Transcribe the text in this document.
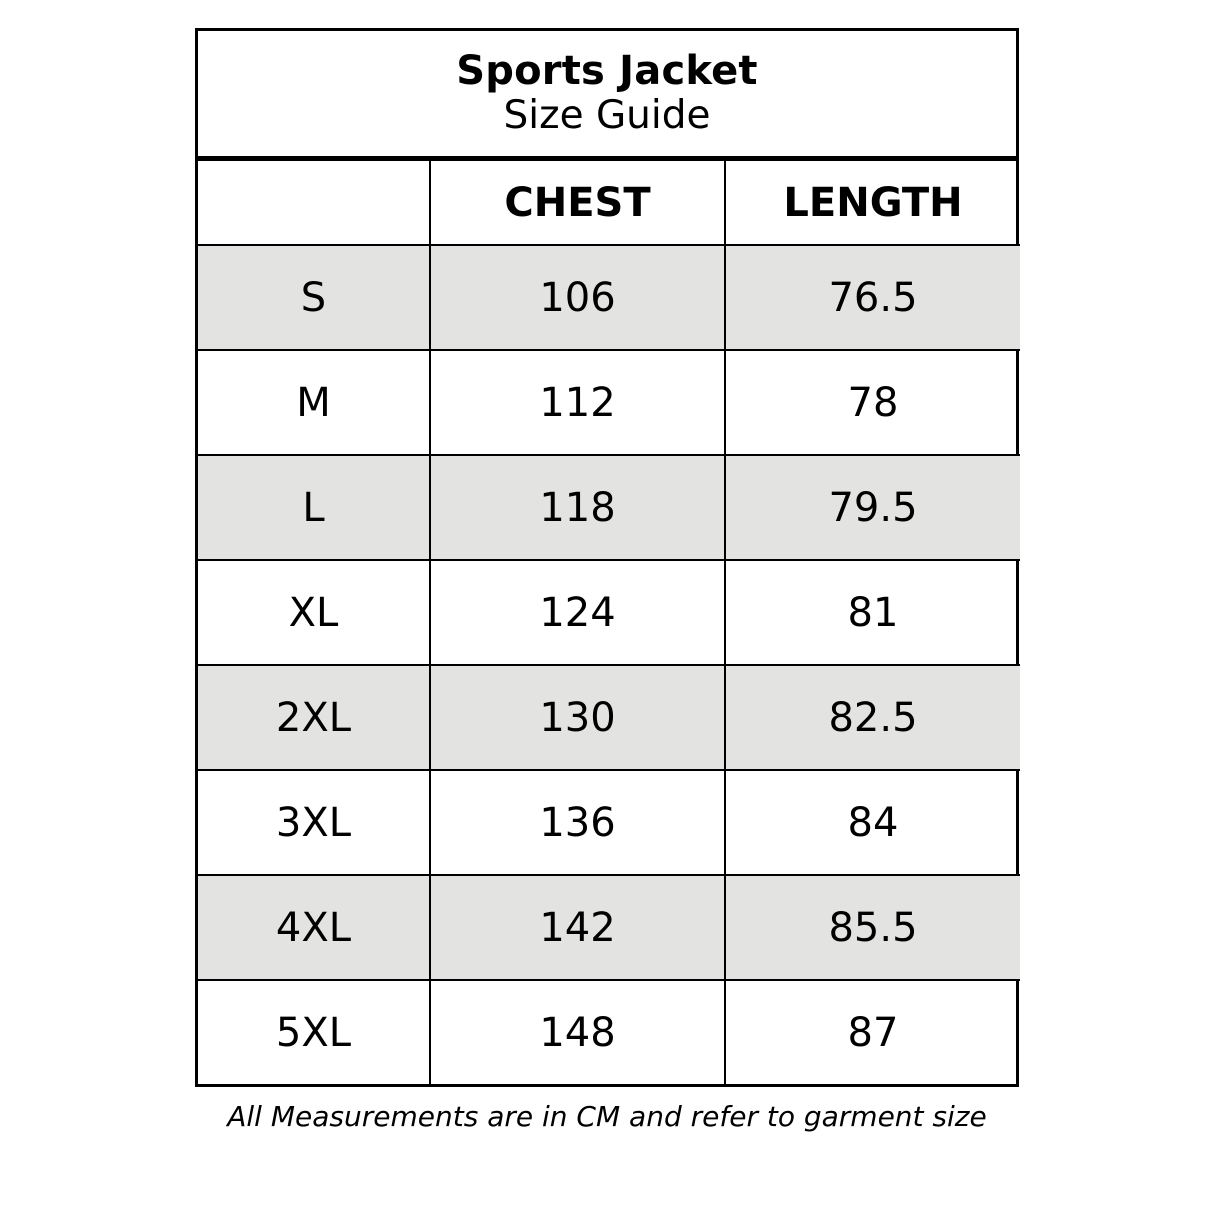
Sports Jacket
Size Guide
	CHEST	LENGTH
S	106	76.5
M	112	78
L	118	79.5
XL	124	81
2XL	130	82.5
3XL	136	84
4XL	142	85.5
5XL	148	87
All Measurements are in CM and refer to garment size
